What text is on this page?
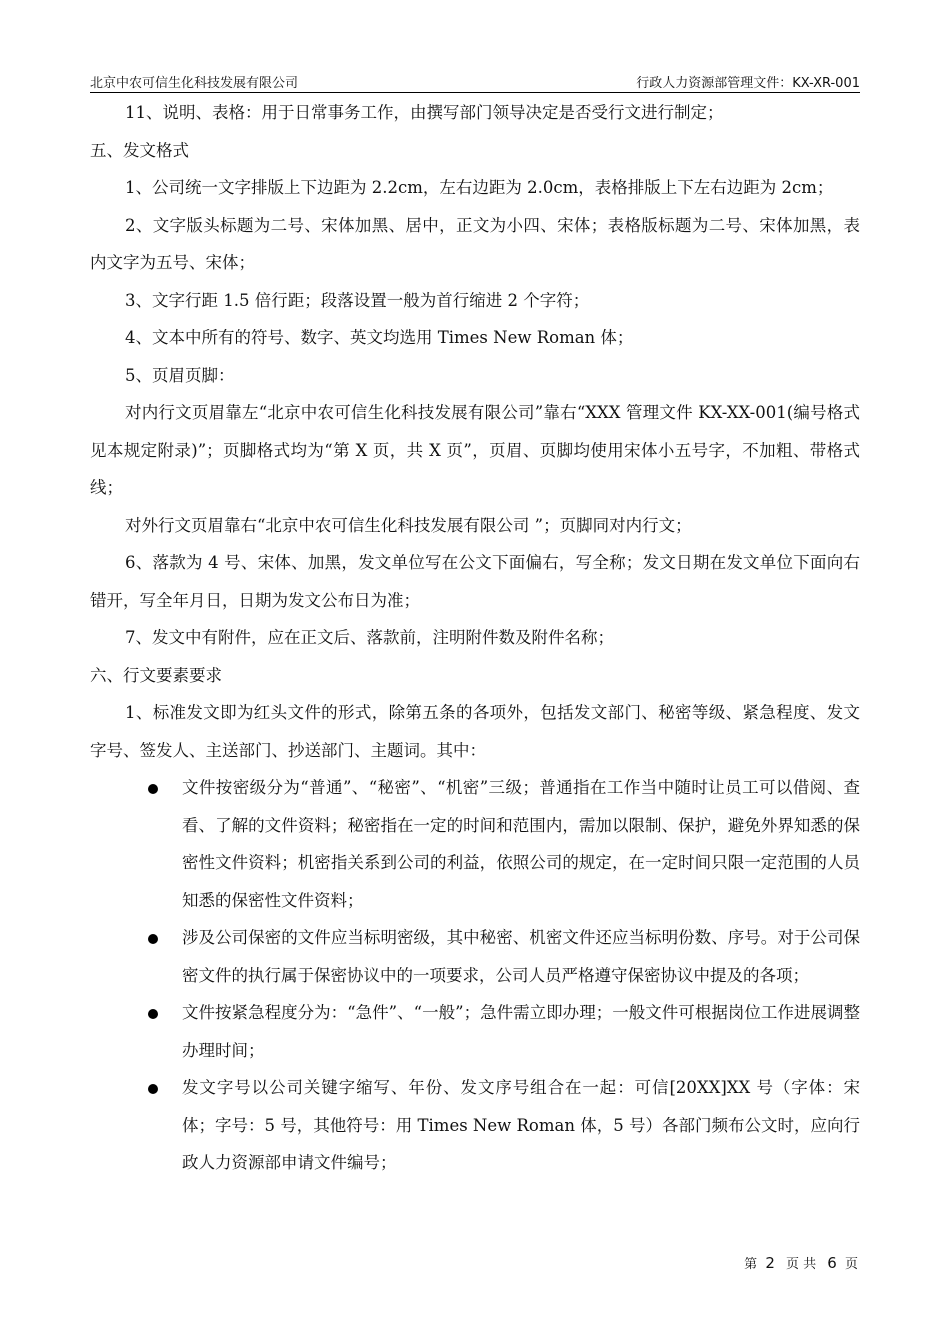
北京中农可信生化科技发展有限公司	行政人力资源部管理文件：KX-XR-001

11、说明、表格：用于日常事务工作，由撰写部门领导决定是否受行文进行制定；

五、发文格式

1、公司统一文字排版上下边距为 2.2cm，左右边距为 2.0cm，表格排版上下左右边距为 2cm；

2、文字版头标题为二号、宋体加黑、居中，正文为小四、宋体；表格版标题为二号、宋体加黑，表内文字为五号、宋体；

3、文字行距 1.5 倍行距；段落设置一般为首行缩进 2 个字符；

4、文本中所有的符号、数字、英文均选用 Times New Roman 体；

5、页眉页脚：

对内行文页眉靠左“北京中农可信生化科技发展有限公司”靠右“XXX 管理文件 KX-XX-001(编号格式见本规定附录)”；页脚格式均为“第 X 页，共 X 页”，页眉、页脚均使用宋体小五号字，不加粗、带格式线；

对外行文页眉靠右“北京中农可信生化科技发展有限公司 ”；页脚同对内行文；

6、落款为 4 号、宋体、加黑，发文单位写在公文下面偏右，写全称；发文日期在发文单位下面向右错开，写全年月日，日期为发文公布日为准；

7、发文中有附件，应在正文后、落款前，注明附件数及附件名称；

六、行文要素要求

1、标准发文即为红头文件的形式，除第五条的各项外，包括发文部门、秘密等级、紧急程度、发文字号、签发人、主送部门、抄送部门、主题词。其中：

文件按密级分为“普通”、“秘密”、“机密”三级；普通指在工作当中随时让员工可以借阅、查看、了解的文件资料；秘密指在一定的时间和范围内，需加以限制、保护，避免外界知悉的保密性文件资料；机密指关系到公司的利益，依照公司的规定，在一定时间只限一定范围的人员知悉的保密性文件资料；
涉及公司保密的文件应当标明密级，其中秘密、机密文件还应当标明份数、序号。对于公司保密文件的执行属于保密协议中的一项要求，公司人员严格遵守保密协议中提及的各项；
文件按紧急程度分为：“急件”、“一般”；急件需立即办理；一般文件可根据岗位工作进展调整办理时间；
发文字号以公司关键字缩写、年份、发文序号组合在一起：可信[20XX]XX 号（字体：宋体；字号：5 号，其他符号：用 Times New Roman 体，5 号）各部门频布公文时，应向行政人力资源部申请文件编号；
第 2 页 共 6 页
